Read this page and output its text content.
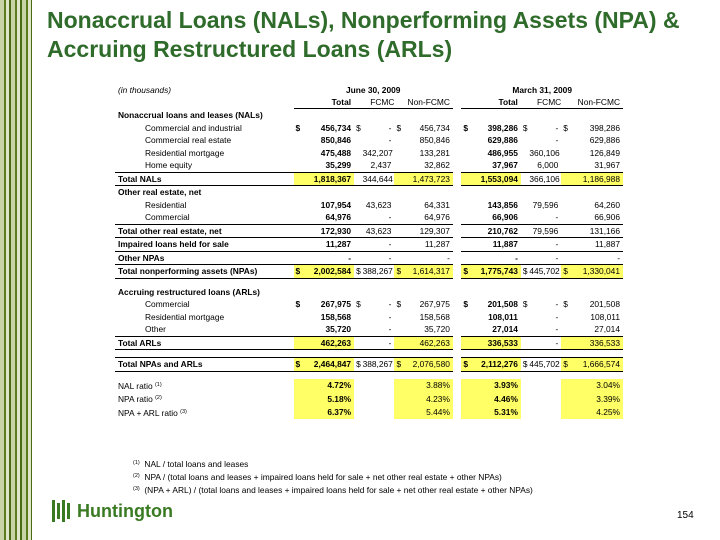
Nonaccrual Loans (NALs), Nonperforming Assets (NPA) & Accruing Restructured Loans (ARLs)
(in thousands)	June 30, 2009							March 31, 2009					
	Total			FCMC		Non-FCMC		Total			FCMC		Non-FCMC
Nonaccrual loans and leases (NALs)													
Commercial and industrial	$	456,734	$	-	$	456,734		$	398,286	$	-	$	398,286
Commercial real estate		850,846		-		850,846			629,886		-		629,886
Residential mortgage		475,488		342,207		133,281			486,955		360,106		126,849
Home equity		35,299		2,437		32,862			37,967		6,000		31,967
Total NALs		1,818,367		344,644		1,473,723			1,553,094		366,106		1,186,988
Other real estate, net													
Residential		107,954		43,623		64,331			143,856		79,596		64,260
Commercial		64,976		-		64,976			66,906		-		66,906
Total other real estate, net		172,930		43,623		129,307			210,762		79,596		131,166
Impaired loans held for sale		11,287		-		11,287			11,887		-		11,887
Other NPAs		-		-		-			-		-		-
Total nonperforming assets (NPAs)	$	2,002,584	$	388,267	$	1,614,317		$	1,775,743	$	445,702	$	1,330,041

Accruing restructured loans (ARLs)													
Commercial	$	267,975	$	-	$	267,975		$	201,508	$	-	$	201,508
Residential mortgage		158,568		-		158,568			108,011		-		108,011
Other		35,720		-		35,720			27,014		-		27,014
Total ARLs		462,263		-		462,263			336,533		-		336,533

Total NPAs and ARLs	$	2,464,847	$	388,267	$	2,076,580		$	2,112,276	$	445,702	$	1,666,574

NAL ratio $^{(1)}$		4.72%				3.88%			3.93%				3.04%
NPA ratio $^{(2)}$		5.18%				4.23%			4.46%				3.39%
NPA + ARL ratio $^{(3)}$		6.37%				5.44%			5.31%				4.25%
$^{(1)}$ NAL / total loans and leases
$^{(2)}$ NPA / (total loans and leases + impaired loans held for sale + net other real estate + other NPAs)
$^{(3)}$ (NPA + ARL) / (total loans and leases + impaired loans held for sale + net other real estate + other NPAs)
Huntington	154
